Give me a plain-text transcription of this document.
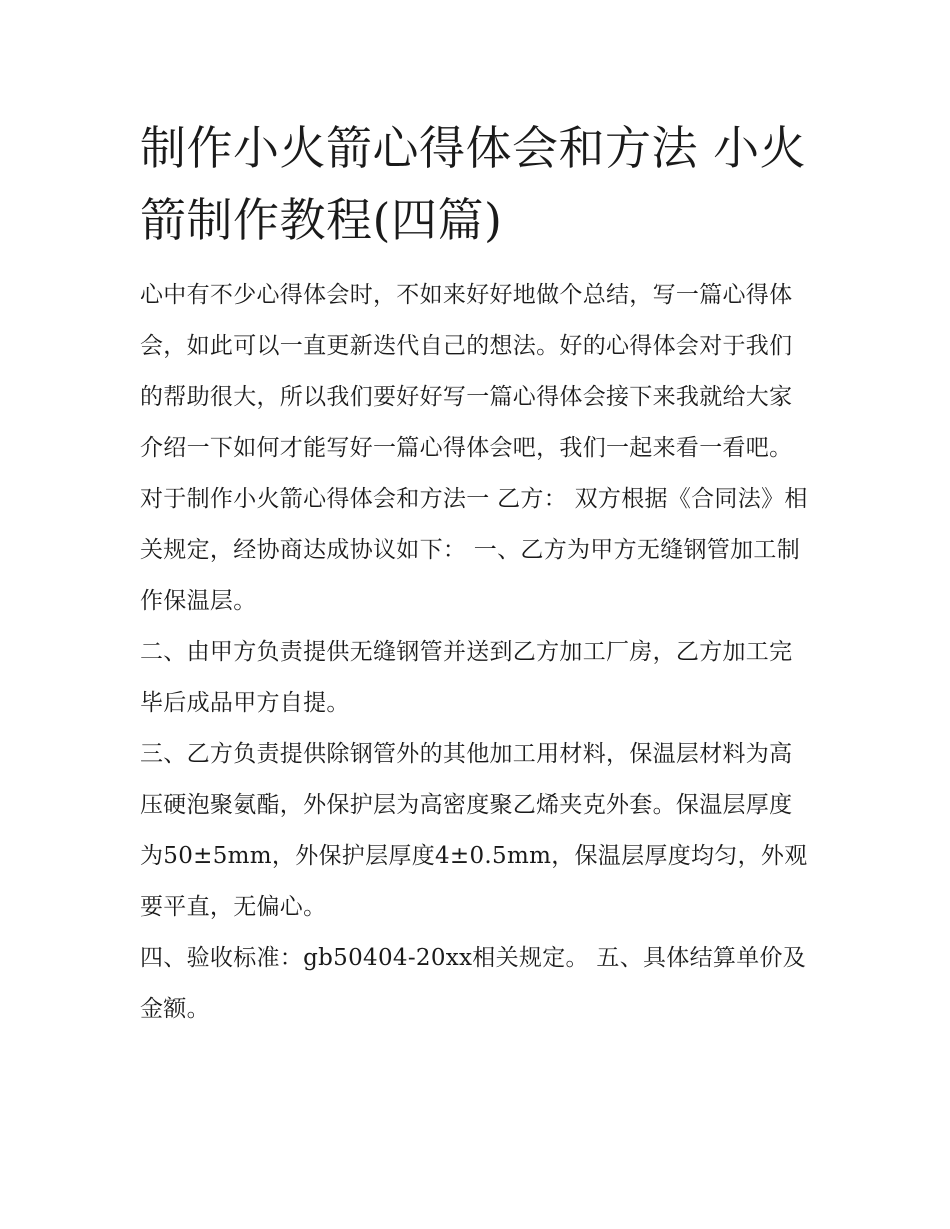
制作小火箭心得体会和方法 小火箭制作教程(四篇)

心中有不少心得体会时，不如来好好地做个总结，写一篇心得体会，如此可以一直更新迭代自己的想法。好的心得体会对于我们的帮助很大，所以我们要好好写一篇心得体会接下来我就给大家介绍一下如何才能写好一篇心得体会吧，我们一起来看一看吧。

对于制作小火箭心得体会和方法一 乙方： 双方根据《合同法》相关规定，经协商达成协议如下： 一、乙方为甲方无缝钢管加工制作保温层。

二、由甲方负责提供无缝钢管并送到乙方加工厂房，乙方加工完毕后成品甲方自提。

三、乙方负责提供除钢管外的其他加工用材料，保温层材料为高压硬泡聚氨酯，外保护层为高密度聚乙烯夹克外套。保温层厚度为50±5mm，外保护层厚度4±0.5mm，保温层厚度均匀，外观要平直，无偏心。

四、验收标准：gb50404-20xx相关规定。 五、具体结算单价及金额。
